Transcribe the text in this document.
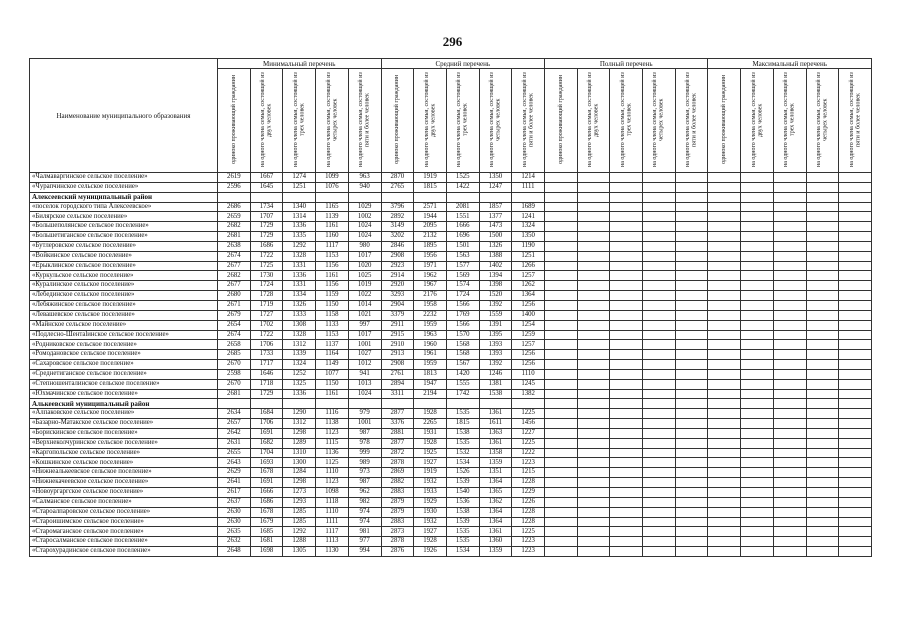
296
Наименование муниципального образования	Минимальный перечень					Средний перечень					Полный перечень					Максимальный перечень				
	одиноко проживающий гражданин	на одного члена семьи, состоящей из двух человек	на одного члена семьи, состоящей из трех человек	на одного члена семьи, состоящей из четырех человек	на одного члена семьи, состоящей из пяти и более человек	одиноко проживающий гражданин	на одного члена семьи, состоящей из двух человек	на одного члена семьи, состоящей из трех человек	на одного члена семьи, состоящей из четырех человек	на одного члена семьи, состоящей из пяти и более человек	одиноко проживающий гражданин	на одного члена семьи, состоящей из двух человек	на одного члена семьи, состоящей из трех человек	на одного члена семьи, состоящей из четырех человек	на одного члена семьи, состоящей из пяти и более человек	одиноко проживающий гражданин	на одного члена семьи, состоящей из двух человек	на одного члена семьи, состоящей из трех человек	на одного члена семьи, состоящей из четырех человек	на одного члена семьи, состоящей из пяти и более человек
«Чалмаваргинское сельское поселение»	2619	1667	1274	1099	963	2870	1919	1525	1350	1214										
«Чурапчинское сельское поселение»	2596	1645	1251	1076	940	2765	1815	1422	1247	1111										
Алексеевский муниципальный район																				
«поселок городского типа Алексеевское»	2686	1734	1340	1165	1029	3796	2571	2081	1857	1689										
«Билярское сельское поселение»	2659	1707	1314	1139	1002	2892	1944	1551	1377	1241										
«Большеполянское сельское поселение»	2682	1729	1336	1161	1024	3149	2095	1666	1473	1324										
«Большетиганское сельское поселение»	2681	1729	1335	1160	1024	3202	2132	1696	1500	1350										
«Бутлеровское сельское поселение»	2638	1686	1292	1117	980	2846	1895	1501	1326	1190										
«Войкинское сельское поселение»	2674	1722	1328	1153	1017	2908	1956	1563	1388	1251										
«Ерыклинское сельское поселение»	2677	1725	1331	1156	1020	2923	1971	1577	1402	1266										
«Куркульское сельское поселение»	2682	1730	1336	1161	1025	2914	1962	1569	1394	1257										
«Куралинское сельское поселение»	2677	1724	1331	1156	1019	2920	1967	1574	1398	1262										
«Лебединское сельское поселение»	2680	1728	1334	1159	1022	3293	2176	1724	1520	1364										
«Лебяжинское сельское поселение»	2671	1719	1326	1150	1014	2904	1958	1566	1392	1256										
«Левашевское сельское поселение»	2679	1727	1333	1158	1021	3379	2232	1769	1559	1400										
«Майнское сельское поселение»	2654	1702	1308	1133	997	2911	1959	1566	1391	1254										
«Подлесно-Шентalинское сельское поселение»	2674	1722	1328	1153	1017	2915	1963	1570	1395	1259										
«Родниковское сельское поселение»	2658	1706	1312	1137	1001	2910	1960	1568	1393	1257										
«Ромодановское сельское поселение»	2685	1733	1339	1164	1027	2913	1961	1568	1393	1256										
«Сахаровское сельское поселение»	2670	1717	1324	1149	1012	2908	1959	1567	1392	1256										
«Среднетиганское сельское поселение»	2598	1646	1252	1077	941	2761	1813	1420	1246	1110										
«Степношенталинское сельское поселение»	2670	1718	1325	1150	1013	2894	1947	1555	1381	1245										
«Юхмачинское сельское поселение»	2681	1729	1336	1161	1024	3311	2194	1742	1538	1382										
Алькеевский муниципальный район																				
«Алпаковское сельское поселение»	2634	1684	1290	1116	979	2877	1928	1535	1361	1225										
«Базарно-Матакское сельское поселение»	2657	1706	1312	1138	1001	3376	2265	1815	1611	1456										
«Борискинское сельское поселение»	2642	1691	1298	1123	987	2881	1931	1538	1363	1227										
«Верхнеколчуринское сельское поселение»	2631	1682	1289	1115	978	2877	1928	1535	1361	1225										
«Каргопольское сельское поселение»	2655	1704	1310	1136	999	2872	1925	1532	1358	1222										
«Кошкинское сельское поселение»	2643	1693	1300	1125	989	2878	1927	1534	1359	1223										
«Нижнеалькеевское сельское поселение»	2629	1678	1284	1110	973	2869	1919	1526	1351	1215										
«Нижнекачеевское сельское поселение»	2641	1691	1298	1123	987	2882	1932	1539	1364	1228										
«Новоургаргское сельское поселение»	2617	1666	1273	1098	962	2883	1933	1540	1365	1229										
«Салманское сельское поселение»	2637	1686	1293	1118	982	2879	1929	1536	1362	1226										
«Староалпаровское сельское поселение»	2630	1678	1285	1110	974	2879	1930	1538	1364	1228										
«Староишимское сельское поселение»	2630	1679	1285	1111	974	2883	1932	1539	1364	1228										
«Старомаганское сельское поселение»	2635	1685	1292	1117	981	2873	1927	1535	1361	1225										
«Старосалманское сельское поселение»	2632	1681	1288	1113	977	2878	1928	1535	1360	1223										
«Старохурадинское сельское поселение»	2648	1698	1305	1130	994	2876	1926	1534	1359	1223										
